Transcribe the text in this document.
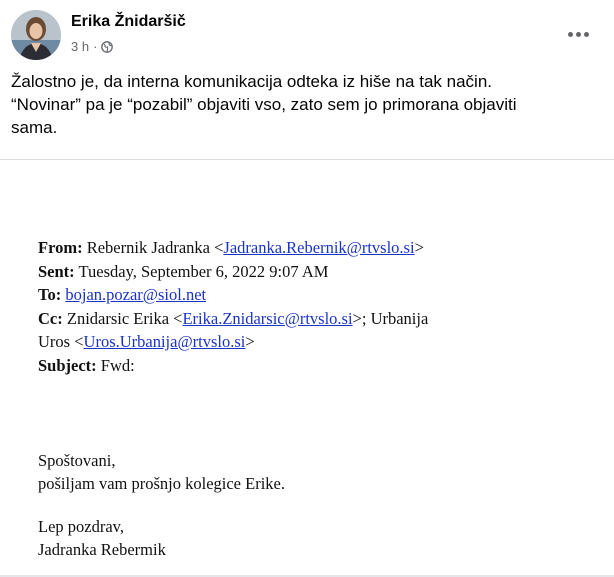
Erika Žnidaršič
3 h ·

Žalostno je, da interna komunikacija odteka iz hiše na tak način.

“Novinar” pa je “pozabil” objaviti vso, zato sem jo primorana objaviti

sama.

From: Rebernik Jadranka <Jadranka.Rebernik@rtvslo.si>
Sent: Tuesday, September 6, 2022 9:07 AM
To: bojan.pozar@siol.net
Cc: Znidarsic Erika <Erika.Znidarsic@rtvslo.si>; Urbanija
Uros <Uros.Urbanija@rtvslo.si>
Subject: Fwd:

Spoštovani,

pošiljam vam prošnjo kolegice Erike.

Lep pozdrav,

Jadranka Rebermik
